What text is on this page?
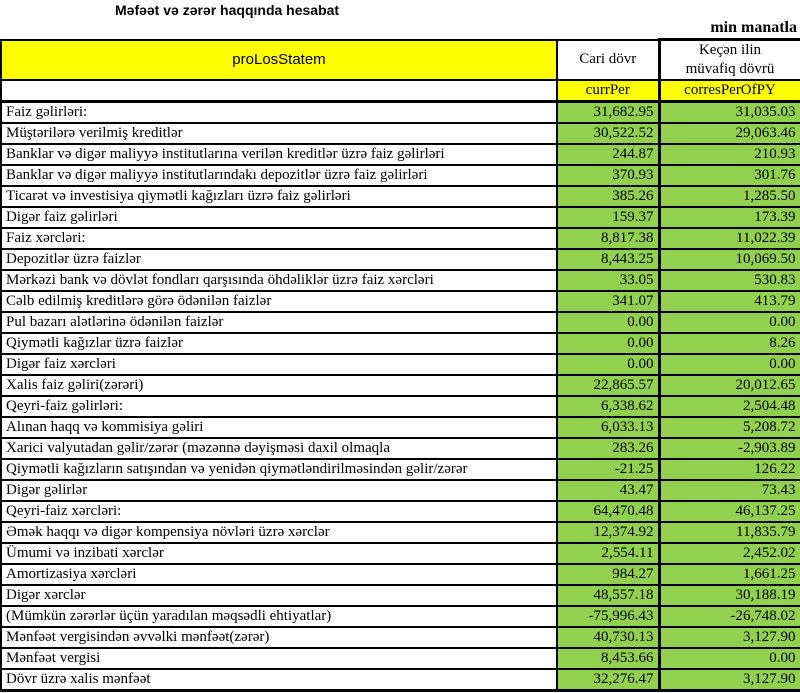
Məfəət və zərər haqqında hesabat
min manatla
proLosStatem	Cari dövr	Keçən ilin
müvafiq dövrü

	currPer	corresPerOfPY
Faiz gəlirləri:	31,682.95	31,035.03
Müştərilərə verilmiş kreditlər	30,522.52	29,063.46
Banklar və digər maliyyə institutlarına verilən kreditlər üzrə faiz gəlirləri	244.87	210.93
Banklar və digər maliyyə institutlarındakı depozitlər üzrə faiz gəlirləri	370.93	301.76
Ticarət və investisiya qiymətli kağızları üzrə faiz gəlirləri	385.26	1,285.50
Digər faiz gəlirləri	159.37	173.39
Faiz xərcləri:	8,817.38	11,022.39
Depozitlər üzrə faizlər	8,443.25	10,069.50
Mərkəzi bank və dövlət fondları qarşısında öhdəliklər üzrə faiz xərcləri	33.05	530.83
Cəlb edilmiş kreditlərə görə ödənilən faizlər	341.07	413.79
Pul bazarı alətlərinə ödənilən faizlər	0.00	0.00
Qiymətli kağızlar üzrə faizlər	0.00	8.26
Digər faiz xərcləri	0.00	0.00
Xalis faiz gəliri(zərəri)	22,865.57	20,012.65
Qeyri-faiz gəlirləri:	6,338.62	2,504.48
Alınan haqq və kommisiya gəliri	6,033.13	5,208.72
Xarici valyutadan gəlir/zərər (məzənnə dəyişməsi daxil olmaqla	283.26	-2,903.89
Qiymətli kağızların satışından və yenidən qiymətləndirilməsindən gəlir/zərər	-21.25	126.22
Digər gəlirlər	43.47	73.43
Qeyri-faiz xərcləri:	64,470.48	46,137.25
Əmək haqqı və digər kompensiya növləri üzrə xərclər	12,374.92	11,835.79
Ümumi və inzibati xərclər	2,554.11	2,452.02
Amortizasiya xərcləri	984.27	1,661.25
Digər xərclər	48,557.18	30,188.19
(Mümkün zərərlər üçün yaradılan məqsədli ehtiyatlar)	-75,996.43	-26,748.02
Mənfəət vergisindən əvvəlki mənfəət(zərər)	40,730.13	3,127.90
Mənfəət vergisi	8,453.66	0.00
Dövr üzrə xalis mənfəət	32,276.47	3,127.90
